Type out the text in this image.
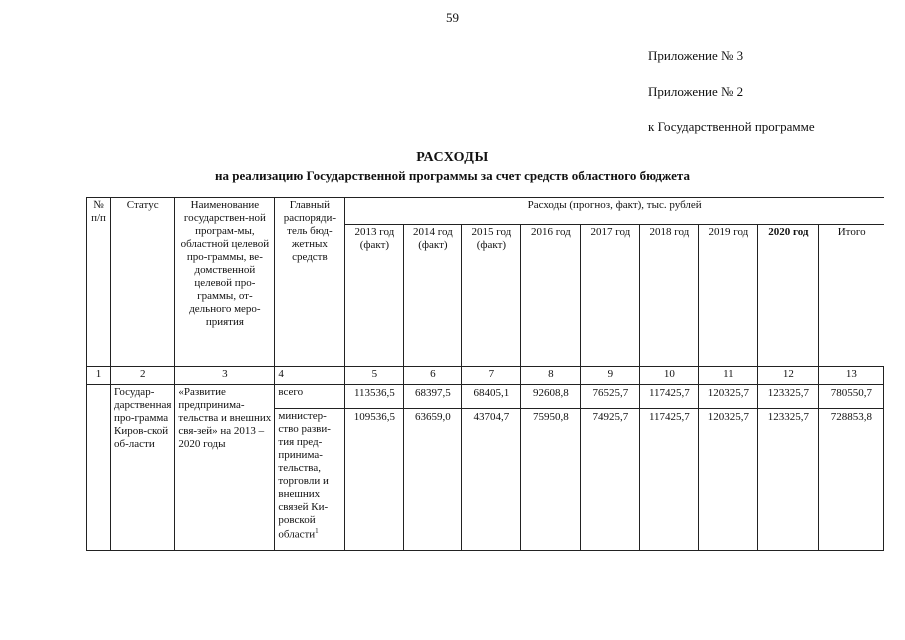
59
Приложение № 3
Приложение № 2
к Государственной программе
РАСХОДЫ
на реализацию Государственной программы за счет средств областного бюджета
№ п/п	Статус	Наименование государствен-ной програм-мы, областной целевой про-граммы, ве-домственной целевой про-граммы, от-дельного меро-приятия	Главный распоряди-тель бюд-жетных средств	Расходы (прогноз, факт), тыс. рублей								
				2013 год (факт)	2014 год (факт)	2015 год (факт)	2016 год	2017 год	2018 год	2019 год	2020 год	Итого
1	2	3	4	5	6	7	8	9	10	11	12	13
	Государ-дарственная про-грамма Киров-ской об-ласти	«Развитие предпринима-тельства и внешних свя-зей» на 2013 – 2020 годы	всего	113536,5	68397,5	68405,1	92608,8	76525,7	117425,7	120325,7	123325,7	780550,7
			министер-ство разви-тия пред-принима-тельства, торговли и внешних связей Ки-ровской области$^1$	109536,5	63659,0	43704,7	75950,8	74925,7	117425,7	120325,7	123325,7	728853,8
